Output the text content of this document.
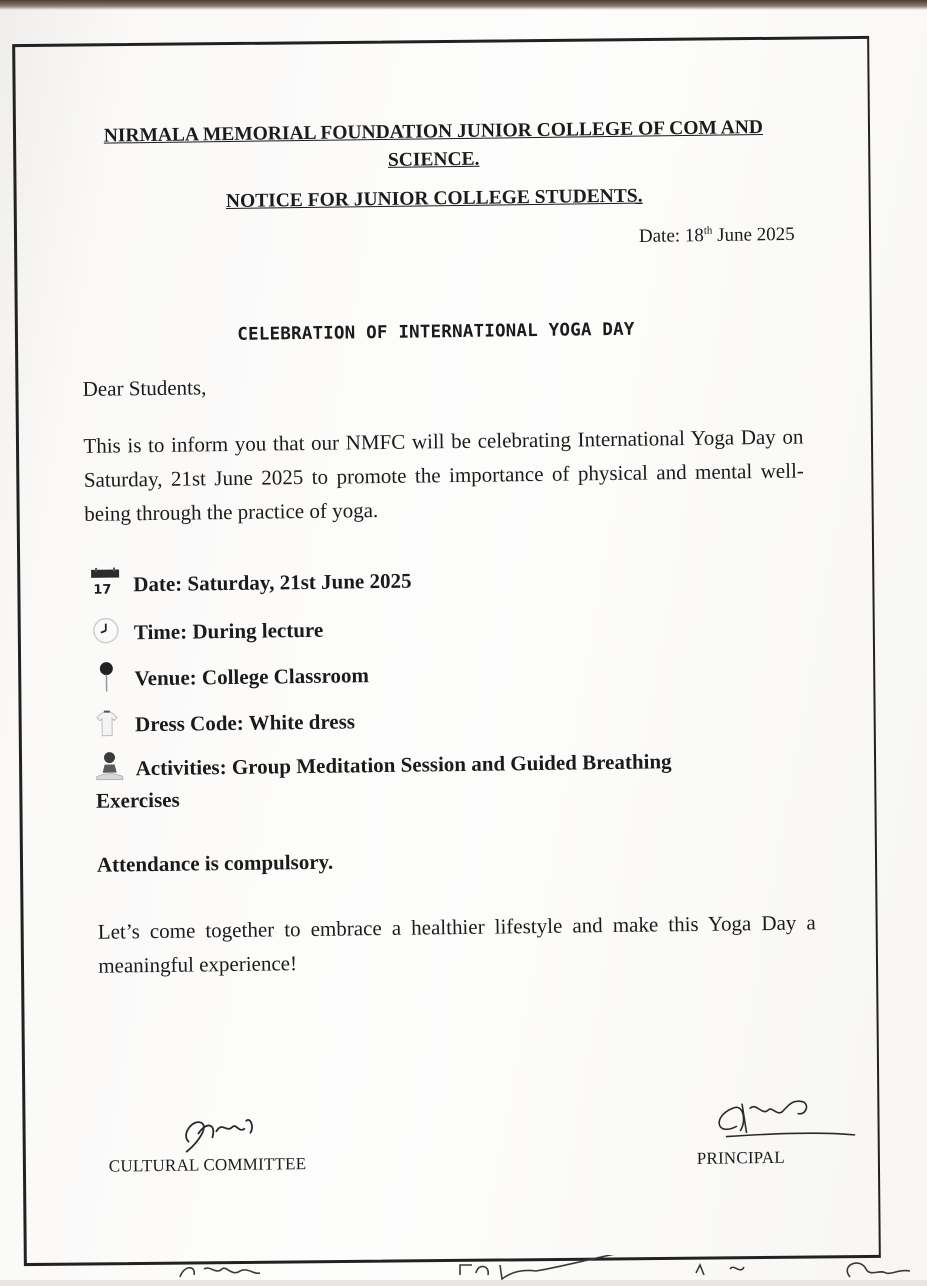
NIRMALA MEMORIAL FOUNDATION JUNIOR COLLEGE OF COM AND
SCIENCE.
NOTICE FOR JUNIOR COLLEGE STUDENTS.
Date: 18th June 2025
CELEBRATION OF INTERNATIONAL YOGA DAY
Dear Students,
This is to inform you that our NMFC will be celebrating International Yoga Day on Saturday, 21st June 2025 to promote the importance of physical and mental well-being through the practice of yoga.
17 Date: Saturday, 21st June 2025
Time: During lecture
Venue: College Classroom
Dress Code: White dress
Activities: Group Meditation Session and Guided Breathing
Exercises
Attendance is compulsory.
Let’s come together to embrace a healthier lifestyle and make this Yoga Day a meaningful experience!
CULTURAL COMMITTEE	PRINCIPAL
